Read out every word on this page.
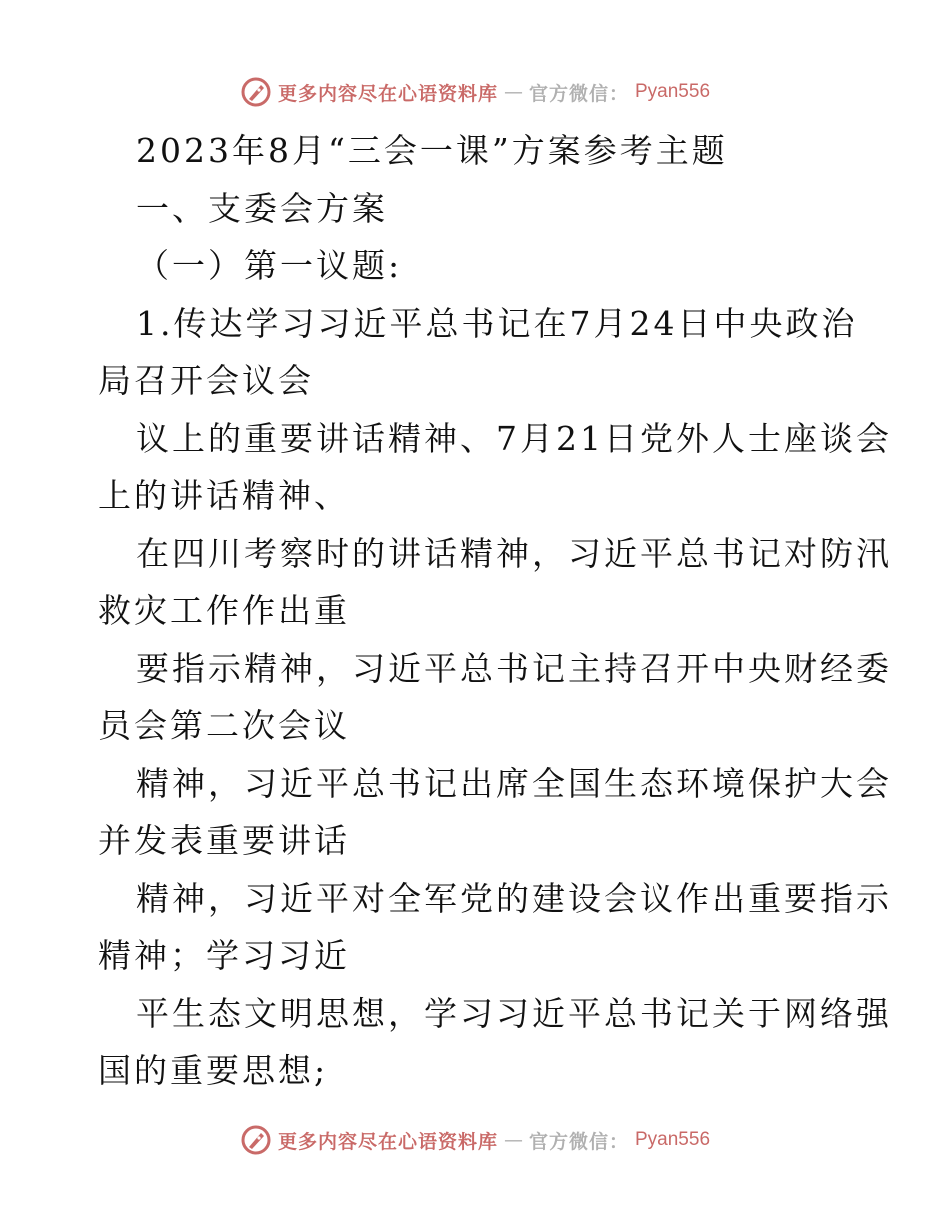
更多内容尽在心语资料库 — 官方微信： Pyan556
2023年8月“三会一课”方案参考主题
一、支委会方案
（一）第一议题:
1.传达学习习近平总书记在7月24日中央政治
局召开会议会
议上的重要讲话精神、7月21日党外人士座谈会
上的讲话精神、
在四川考察时的讲话精神，习近平总书记对防汛
救灾工作作出重
要指示精神，习近平总书记主持召开中央财经委
员会第二次会议
精神，习近平总书记出席全国生态环境保护大会
并发表重要讲话
精神，习近平对全军党的建设会议作出重要指示
精神；学习习近
平生态文明思想，学习习近平总书记关于网络强
国的重要思想;
更多内容尽在心语资料库 — 官方微信： Pyan556
